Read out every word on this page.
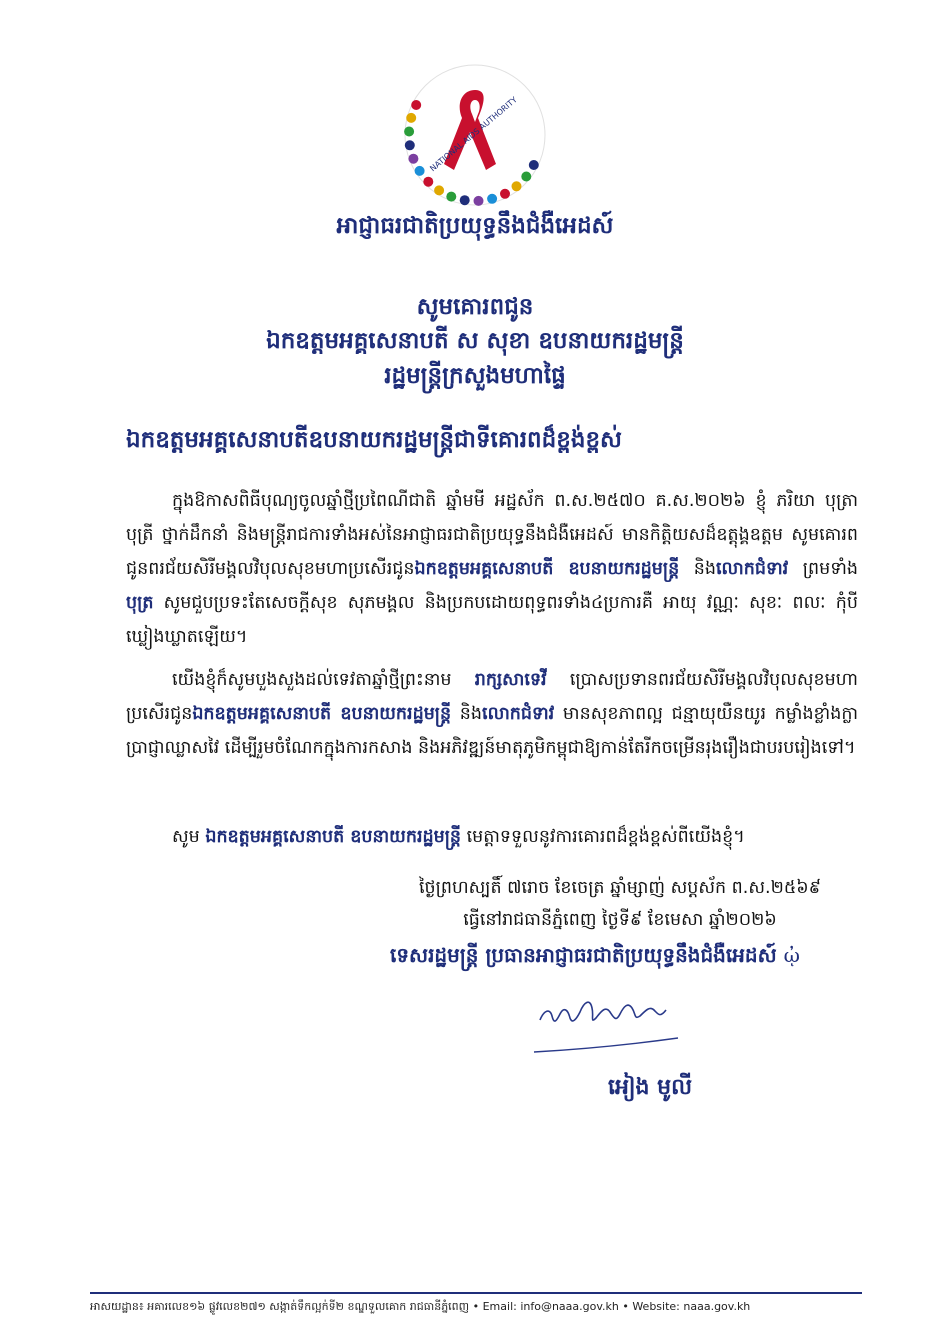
NATIONAL AIDS AUTHORITY
អាជ្ញាធរជាតិប្រយុទ្ធនឹងជំងឺអេដស៍
សូមគោរពជូន
ឯកឧត្តមអគ្គសេនាបតី ស សុខា ឧបនាយករដ្ឋមន្ត្រី
រដ្ឋមន្ត្រីក្រសួងមហាផ្ទៃ
ឯកឧត្តមអគ្គសេនាបតីឧបនាយករដ្ឋមន្ត្រីជាទីគោរពដ៏ខ្ពង់ខ្ពស់
ក្នុងឱកាសពិធីបុណ្យចូលឆ្នាំថ្មីប្រពៃណីជាតិ ឆ្នាំមមី អដ្ឋស័ក ព.ស.២៥៧០ គ.ស.២០២៦ ខ្ញុំ ភរិយា បុត្រា បុត្រី ថ្នាក់ដឹកនាំ និងមន្ត្រីរាជការទាំងអស់នៃអាជ្ញាធរជាតិប្រយុទ្ធនឹងជំងឺអេដស៍ មានកិត្តិយសដ៏ឧត្តុង្គឧត្តម សូមគោរពជូនពរជ័យសិរីមង្គលវិបុលសុខមហាប្រសើរជូនឯកឧត្តមអគ្គសេនាបតី ឧបនាយករដ្ឋមន្ត្រី និងលោកជំទាវ ព្រមទាំងបុត្រ សូមជួបប្រទះតែសេចក្តីសុខ សុភមង្គល និងប្រកបដោយពុទ្ធពរទាំង៤ប្រការគឺ អាយុ វណ្ណៈ សុខៈ ពលៈ កុំបីឃ្លៀងឃ្លាតឡើយ។
យើងខ្ញុំក៏សូមបួងសួងដល់ទេវតាឆ្នាំថ្មីព្រះនាម រាក្សសាទេវី ប្រោសប្រទានពរជ័យសិរីមង្គលវិបុលសុខមហាប្រសើរជូនឯកឧត្តមអគ្គសេនាបតី ឧបនាយករដ្ឋមន្ត្រី និងលោកជំទាវ មានសុខភាពល្អ ជន្មាយុយឺនយូរ កម្លាំងខ្លាំងក្លា ប្រាជ្ញាឈ្លាសវៃ ដើម្បីរួមចំណែកក្នុងការកសាង និងអភិវឌ្ឍន៍មាតុភូមិកម្ពុជាឱ្យកាន់តែរីកចម្រើនរុងរឿងជាបរបរៀងទៅ។
សូម ឯកឧត្តមអគ្គសេនាបតី ឧបនាយករដ្ឋមន្ត្រី មេត្តាទទួលនូវការគោរពដ៏ខ្ពង់ខ្ពស់ពីយើងខ្ញុំ។
ថ្ងៃព្រហស្បតិ៍ ៧រោច ខែចេត្រ ឆ្នាំម្សាញ់ សប្តស័ក ព.ស.២៥៦៩
ធ្វើនៅរាជធានីភ្នំពេញ ថ្ងៃទី៩ ខែមេសា ឆ្នាំ២០២៦
ទេសរដ្ឋមន្ត្រី ប្រធានអាជ្ញាធរជាតិប្រយុទ្ធនឹងជំងឺអេដស៍ ᾠ
អៀង មូលី
អាសយដ្ឋាន៖ អគារលេខ១៦ ផ្លូវលេខ២៧១ សង្កាត់ទឹកល្អក់ទី២ ខណ្ឌទួលគោក រាជធានីភ្នំពេញ • Email: info@naaa.gov.kh • Website: naaa.gov.kh
